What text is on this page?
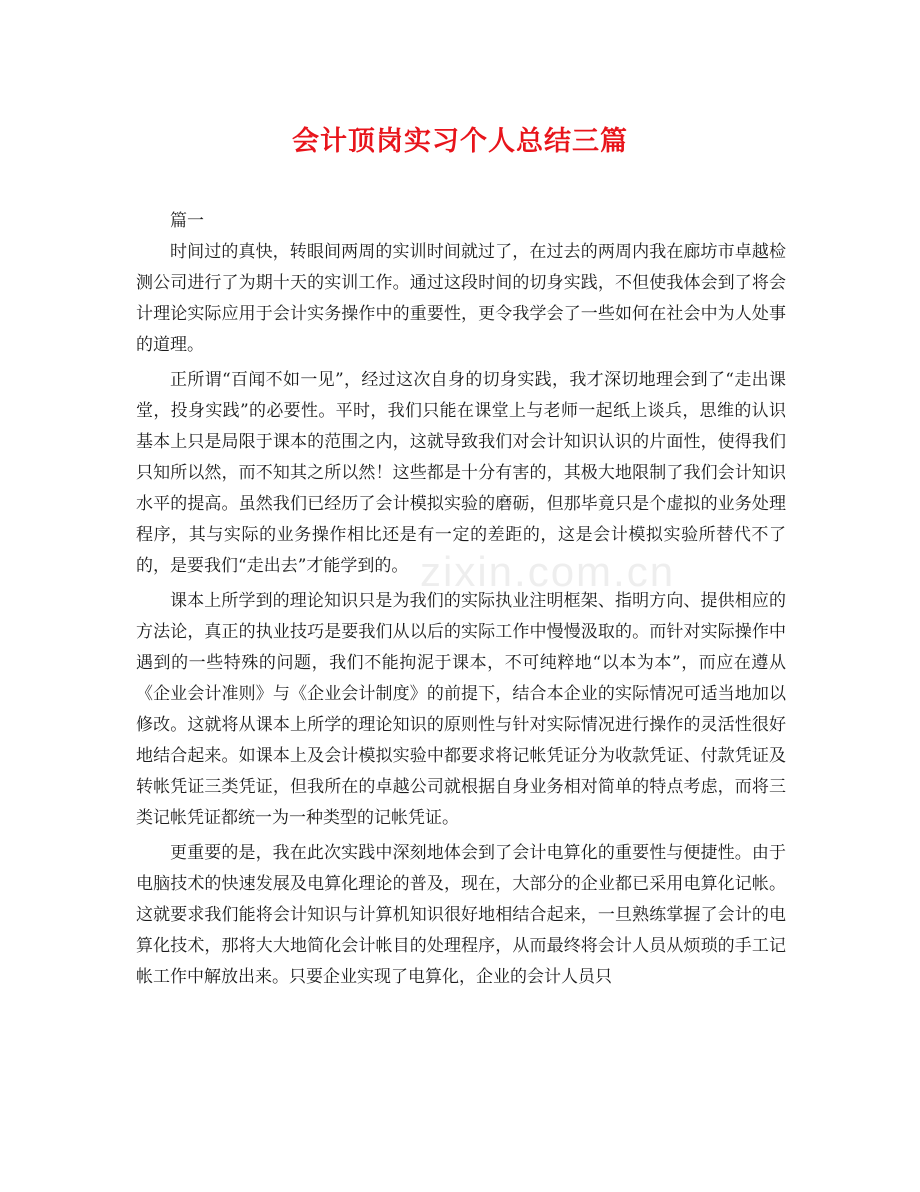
会计顶岗实习个人总结三篇
zixin.com.cn

篇一

时间过的真快，转眼间两周的实训时间就过了，在过去的两周内我在廊坊市卓越检测公司进行了为期十天的实训工作。通过这段时间的切身实践，不但使我体会到了将会计理论实际应用于会计实务操作中的重要性，更令我学会了一些如何在社会中为人处事的道理。

正所谓“百闻不如一见”，经过这次自身的切身实践，我才深切地理会到了“走出课堂，投身实践”的必要性。平时，我们只能在课堂上与老师一起纸上谈兵，思维的认识基本上只是局限于课本的范围之内，这就导致我们对会计知识认识的片面性，使得我们只知所以然，而不知其之所以然！这些都是十分有害的，其极大地限制了我们会计知识水平的提高。虽然我们已经历了会计模拟实验的磨砺，但那毕竟只是个虚拟的业务处理程序，其与实际的业务操作相比还是有一定的差距的，这是会计模拟实验所替代不了的，是要我们“走出去”才能学到的。

课本上所学到的理论知识只是为我们的实际执业注明框架、指明方向、提供相应的方法论，真正的执业技巧是要我们从以后的实际工作中慢慢汲取的。而针对实际操作中遇到的一些特殊的问题，我们不能拘泥于课本，不可纯粹地“以本为本”，而应在遵从《企业会计准则》与《企业会计制度》的前提下，结合本企业的实际情况可适当地加以修改。这就将从课本上所学的理论知识的原则性与针对实际情况进行操作的灵活性很好地结合起来。如课本上及会计模拟实验中都要求将记帐凭证分为收款凭证、付款凭证及转帐凭证三类凭证，但我所在的卓越公司就根据自身业务相对简单的特点考虑，而将三类记帐凭证都统一为一种类型的记帐凭证。

更重要的是，我在此次实践中深刻地体会到了会计电算化的重要性与便捷性。由于电脑技术的快速发展及电算化理论的普及，现在，大部分的企业都已采用电算化记帐。这就要求我们能将会计知识与计算机知识很好地相结合起来，一旦熟练掌握了会计的电算化技术，那将大大地简化会计帐目的处理程序，从而最终将会计人员从烦琐的手工记帐工作中解放出来。只要企业实现了电算化，企业的会计人员只
